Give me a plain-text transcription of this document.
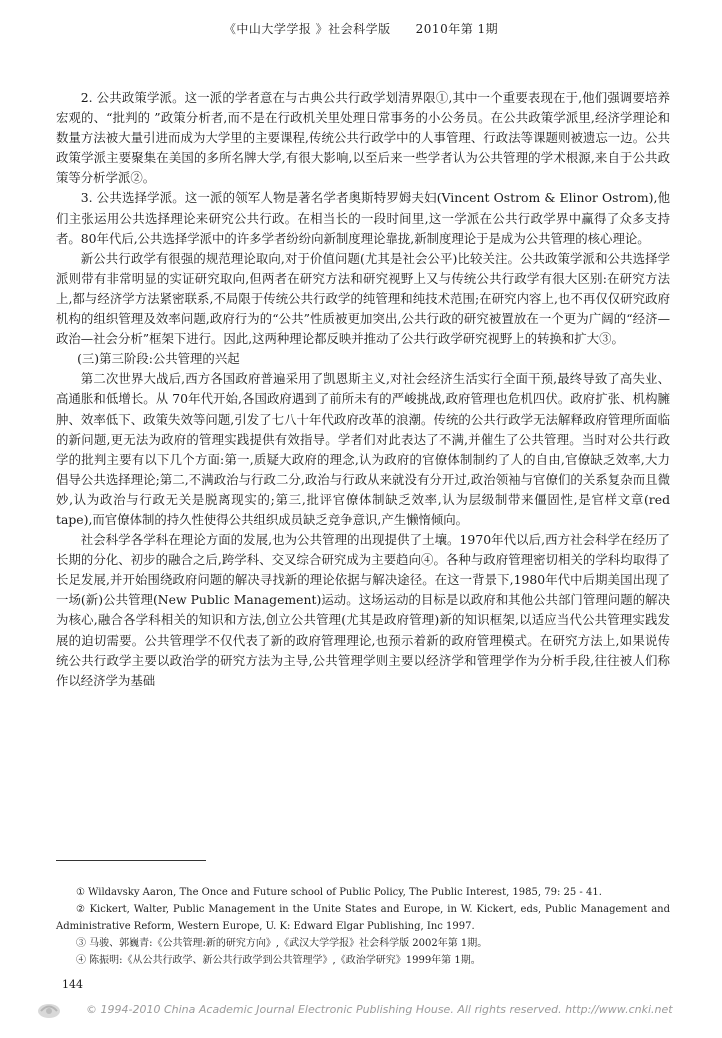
《中山大学学报 》社会科学版　　2010年第 1期

2. 公共政策学派。这一派的学者意在与古典公共行政学划清界限①,其中一个重要表现在于,他们强调要培养宏观的、“批判的 ”政策分析者,而不是在行政机关里处理日常事务的小公务员。在公共政策学派里,经济学理论和数量方法被大量引进而成为大学里的主要课程,传统公共行政学中的人事管理、行政法等课题则被遗忘一边。公共政策学派主要聚集在美国的多所名牌大学,有很大影响,以至后来一些学者认为公共管理的学术根源,来自于公共政策等分析学派②。

3. 公共选择学派。这一派的领军人物是著名学者奥斯特罗姆夫妇(Vincent Ostrom & Elinor Ostrom),他们主张运用公共选择理论来研究公共行政。在相当长的一段时间里,这一学派在公共行政学界中赢得了众多支持者。80年代后,公共选择学派中的许多学者纷纷向新制度理论靠拢,新制度理论于是成为公共管理的核心理论。

新公共行政学有很强的规范理论取向,对于价值问题(尤其是社会公平)比较关注。公共政策学派和公共选择学派则带有非常明显的实证研究取向,但两者在研究方法和研究视野上又与传统公共行政学有很大区别:在研究方法上,都与经济学方法紧密联系,不局限于传统公共行政学的纯管理和纯技术范围;在研究内容上,也不再仅仅研究政府机构的组织管理及效率问题,政府行为的“公共”性质被更加突出,公共行政的研究被置放在一个更为广阔的“经济—政治—社会分析”框架下进行。因此,这两种理论都反映并推动了公共行政学研究视野上的转换和扩大③。

(三)第三阶段:公共管理的兴起

第二次世界大战后,西方各国政府普遍采用了凯恩斯主义,对社会经济生活实行全面干预,最终导致了高失业、高通胀和低增长。从 70年代开始,各国政府遇到了前所未有的严峻挑战,政府管理也危机四伏。政府扩张、机构臃肿、效率低下、政策失效等问题,引发了七八十年代政府改革的浪潮。传统的公共行政学无法解释政府管理所面临的新问题,更无法为政府的管理实践提供有效指导。学者们对此表达了不满,并催生了公共管理。当时对公共行政学的批判主要有以下几个方面:第一,质疑大政府的理念,认为政府的官僚体制制约了人的自由,官僚缺乏效率,大力倡导公共选择理论;第二,不满政治与行政二分,政治与行政从来就没有分开过,政治领袖与官僚们的关系复杂而且微妙,认为政治与行政无关是脱离现实的;第三,批评官僚体制缺乏效率,认为层级制带来僵固性,是官样文章(red tape),而官僚体制的持久性使得公共组织成员缺乏竞争意识,产生懒惰倾向。

社会科学各学科在理论方面的发展,也为公共管理的出现提供了土壤。1970年代以后,西方社会科学在经历了长期的分化、初步的融合之后,跨学科、交叉综合研究成为主要趋向④。各种与政府管理密切相关的学科均取得了长足发展,并开始围绕政府问题的解决寻找新的理论依据与解决途径。在这一背景下,1980年代中后期美国出现了一场(新)公共管理(New Public Management)运动。这场运动的目标是以政府和其他公共部门管理问题的解决为核心,融合各学科相关的知识和方法,创立公共管理(尤其是政府管理)新的知识框架,以适应当代公共管理实践发展的迫切需要。公共管理学不仅代表了新的政府管理理论,也预示着新的政府管理模式。在研究方法上,如果说传统公共行政学主要以政治学的研究方法为主导,公共管理学则主要以经济学和管理学作为分析手段,往往被人们称作以经济学为基础

① Wildavsky Aaron, The Once and Future school of Public Policy, The Public Interest, 1985, 79: 25 - 41.

② Kickert, Walter, Public Management in the Unite States and Europe, in W. Kickert, eds, Public Management and Administrative Reform, Western Europe, U. K: Edward Elgar Publishing, Inc 1997.

③ 马骏、郭巍青:《公共管理:新的研究方向》,《武汉大学学报》社会科学版 2002年第 1期。

④ 陈振明:《从公共行政学、新公共行政学到公共管理学》,《政治学研究》1999年第 1期。

144
© 1994-2010 China Academic Journal Electronic Publishing House. All rights reserved. http://www.cnki.net
